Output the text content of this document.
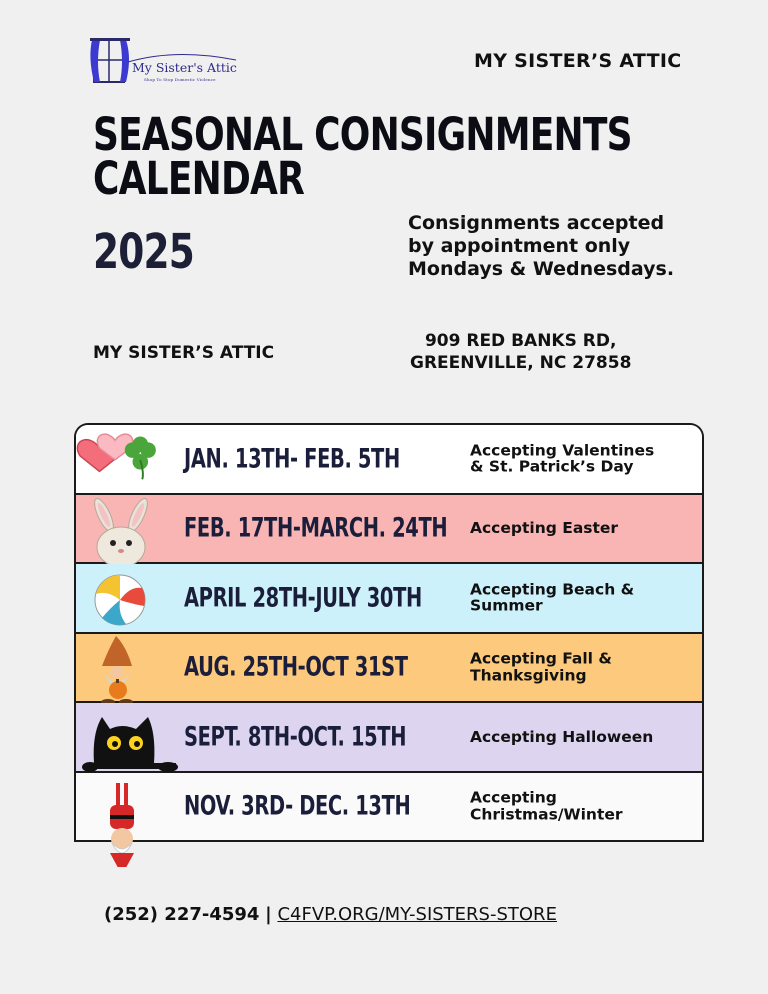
My Sister's Attic
Shop To Stop Domestic Violence
MY SISTER’S ATTIC
SEASONAL CONSIGNMENTS
CALENDAR
2025
Consignments accepted
by appointment only
Mondays & Wednesdays.
MY SISTER’S ATTIC
909 RED BANKS RD,
GREENVILLE, NC 27858
JAN. 13TH- FEB. 5TH	Accepting Valentines
& St. Patrick’s Day
FEB. 17TH-MARCH. 24TH Accepting Easter
APRIL 28TH-JULY 30TH	Accepting Beach &
Summer
AUG. 25TH-OCT 31ST	Accepting Fall &
Thanksgiving
SEPT. 8TH-OCT. 15TH	Accepting Halloween
NOV. 3RD- DEC. 13TH	Accepting
Christmas/Winter
(252) 227-4594 | C4FVP.ORG/MY-SISTERS-STORE
